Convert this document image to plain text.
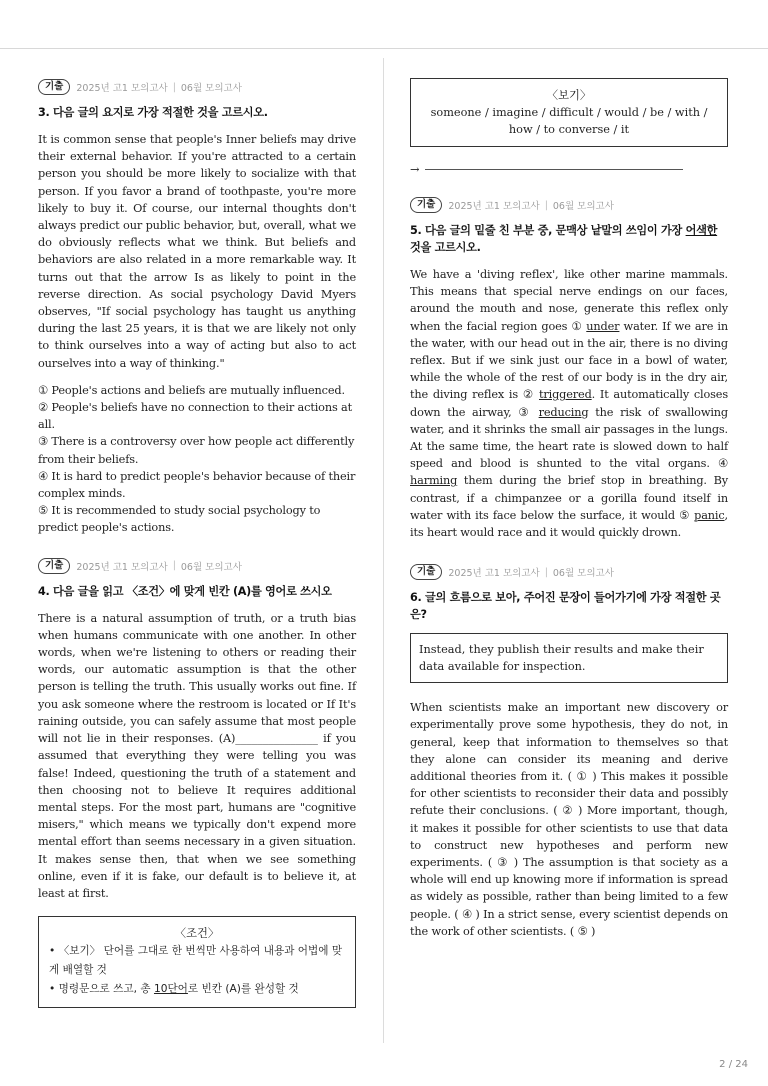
기출	2025년 고1 모의고사 | 06월 모의고사
3. 다음 글의 요지로 가장 적절한 것을 고르시오.
It is common sense that people's Inner beliefs may drive their external behavior. If you're attracted to a certain person you should be more likely to socialize with that person. If you favor a brand of toothpaste, you're more likely to buy it. Of course, our internal thoughts don't always predict our public behavior, but, overall, what we do obviously reflects what we think. But beliefs and behaviors are also related in a more remarkable way. It turns out that the arrow Is as likely to point in the reverse direction. As social psychology David Myers observes, "If social psychology has taught us anything during the last 25 years, it is that we are likely not only to think ourselves into a way of acting but also to act ourselves into a way of thinking."
① People's actions and beliefs are mutually influenced.
② People's beliefs have no connection to their actions at all.
③ There is a controversy over how people act differently from their beliefs.
④ It is hard to predict people's behavior because of their complex minds.
⑤ It is recommended to study social psychology to predict people's actions.
기출	2025년 고1 모의고사 | 06월 모의고사
4. 다음 글을 읽고 〈조건〉에 맞게 빈칸 (A)를 영어로 쓰시오
There is a natural assumption of truth, or a truth bias when humans communicate with one another. In other words, when we're listening to others or reading their words, our automatic assumption is that the other person is telling the truth. This usually works out fine. If you ask someone where the restroom is located or If It's raining outside, you can safely assume that most people will not lie in their responses. (A)_______________ if you assumed that everything they were telling you was false! Indeed, questioning the truth of a statement and then choosing not to believe It requires additional mental steps. For the most part, humans are "cognitive misers," which means we typically don't expend more mental effort than seems necessary in a given situation. It makes sense then, that when we see something online, even if it is fake, our default is to believe it, at least at first.
〈조건〉
• 〈보기〉 단어를 그대로 한 번씩만 사용하여 내용과 어법에 맞게 배열할 것
• 명령문으로 쓰고, 총 10단어로 빈칸 (A)를 완성할 것
〈보기〉
someone / imagine / difficult / would / be / with / how / to converse / it
→
기출	2025년 고1 모의고사 | 06월 모의고사
5. 다음 글의 밑줄 친 부분 중, 문맥상 낱말의 쓰임이 가장 어색한 것을 고르시오.
We have a 'diving reflex', like other marine mammals. This means that special nerve endings on our faces, around the mouth and nose, generate this reflex only when the facial region goes ① under water. If we are in the water, with our head out in the air, there is no diving reflex. But if we sink just our face in a bowl of water, while the whole of the rest of our body is in the dry air, the diving reflex is ② triggered. It automatically closes down the airway, ③ reducing the risk of swallowing water, and it shrinks the small air passages in the lungs. At the same time, the heart rate is slowed down to half speed and blood is shunted to the vital organs. ④ harming them during the brief stop in breathing. By contrast, if a chimpanzee or a gorilla found itself in water with its face below the surface, it would ⑤ panic, its heart would race and it would quickly drown.
기출	2025년 고1 모의고사 | 06월 모의고사
6. 글의 흐름으로 보아, 주어진 문장이 들어가기에 가장 적절한 곳은?
Instead, they publish their results and make their data available for inspection.
When scientists make an important new discovery or experimentally prove some hypothesis, they do not, in general, keep that information to themselves so that they alone can consider its meaning and derive additional theories from it. ( ① ) This makes it possible for other scientists to reconsider their data and possibly refute their conclusions. ( ② ) More important, though, it makes it possible for other scientists to use that data to construct new hypotheses and perform new experiments. ( ③ ) The assumption is that society as a whole will end up knowing more if information is spread as widely as possible, rather than being limited to a few people. ( ④ ) In a strict sense, every scientist depends on the work of other scientists. ( ⑤ )
2 / 24
